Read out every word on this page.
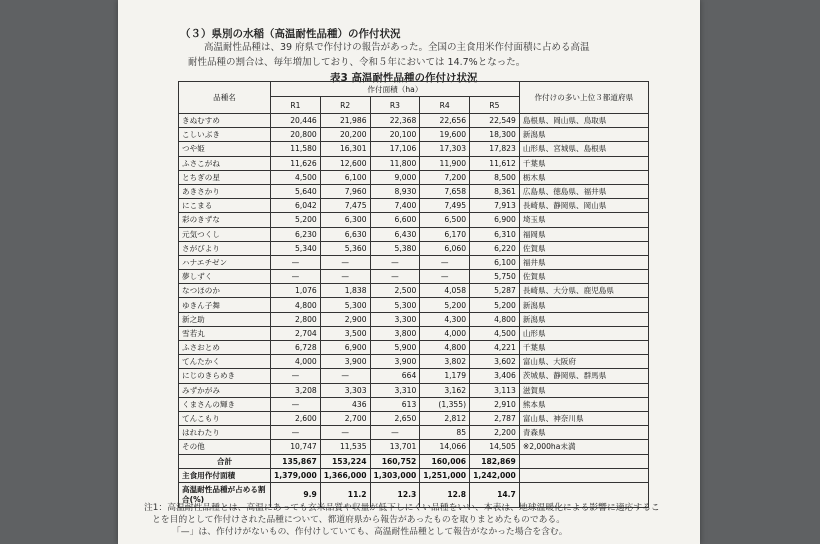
（３）県別の水稲（高温耐性品種）の作付状況
高温耐性品種は、39 府県で作付けの報告があった。全国の主食用米作付面積に占める高温
耐性品種の割合は、毎年増加しており、令和５年においては 14.7%となった。
表3 高温耐性品種の作付け状況
品種名	作付面積（ha）					作付けの多い上位３都道府県
	R1	R2	R3	R4	R5	
きぬむすめ	20,446	21,986	22,368	22,656	22,549	島根県、岡山県、鳥取県
こしいぶき	20,800	20,200	20,100	19,600	18,300	新潟県
つや姫	11,580	16,301	17,106	17,303	17,823	山形県、宮城県、島根県
ふさこがね	11,626	12,600	11,800	11,900	11,612	千葉県
とちぎの星	4,500	6,100	9,000	7,200	8,500	栃木県
あきさかり	5,640	7,960	8,930	7,658	8,361	広島県、徳島県、福井県
にこまる	6,042	7,475	7,400	7,495	7,913	長崎県、静岡県、岡山県
彩のきずな	5,200	6,300	6,600	6,500	6,900	埼玉県
元気つくし	6,230	6,630	6,430	6,170	6,310	福岡県
さがびより	5,340	5,360	5,380	6,060	6,220	佐賀県
ハナエチゼン	—	—	—	—	6,100	福井県
夢しずく	—	—	—	—	5,750	佐賀県
なつほのか	1,076	1,838	2,500	4,058	5,287	長崎県、大分県、鹿児島県
ゆきん子舞	4,800	5,300	5,300	5,200	5,200	新潟県
新之助	2,800	2,900	3,300	4,300	4,800	新潟県
雪若丸	2,704	3,500	3,800	4,000	4,500	山形県
ふさおとめ	6,728	6,900	5,900	4,800	4,221	千葉県
てんたかく	4,000	3,900	3,900	3,802	3,602	富山県、大阪府
にじのきらめき	—	—	664	1,179	3,406	茨城県、静岡県、群馬県
みずかがみ	3,208	3,303	3,310	3,162	3,113	滋賀県
くまさんの輝き	—	436	613	(1,355)	2,910	熊本県
てんこもり	2,600	2,700	2,650	2,812	2,787	富山県、神奈川県
はれわたり	—	—	—	85	2,200	青森県
その他	10,747	11,535	13,701	14,066	14,505	※2,000ha未満
合計	135,867	153,224	160,752	160,006	182,869	
主食用作付面積	1,379,000	1,366,000	1,303,000	1,251,000	1,242,000	
高温耐性品種が占める割合(%)	9.9	11.2	12.3	12.8	14.7	
注1：高温耐性品種とは、高温にあっても玄米品質や収量が低下しにくい品種をいい、本表は、地球温暖化による影響に適応するこ
とを目的として作付けされた品種について、都道府県から報告があったものを取りまとめたものである。
「—」は、作付けがないもの、作付けしていても、高温耐性品種として報告がなかった場合を含む。
